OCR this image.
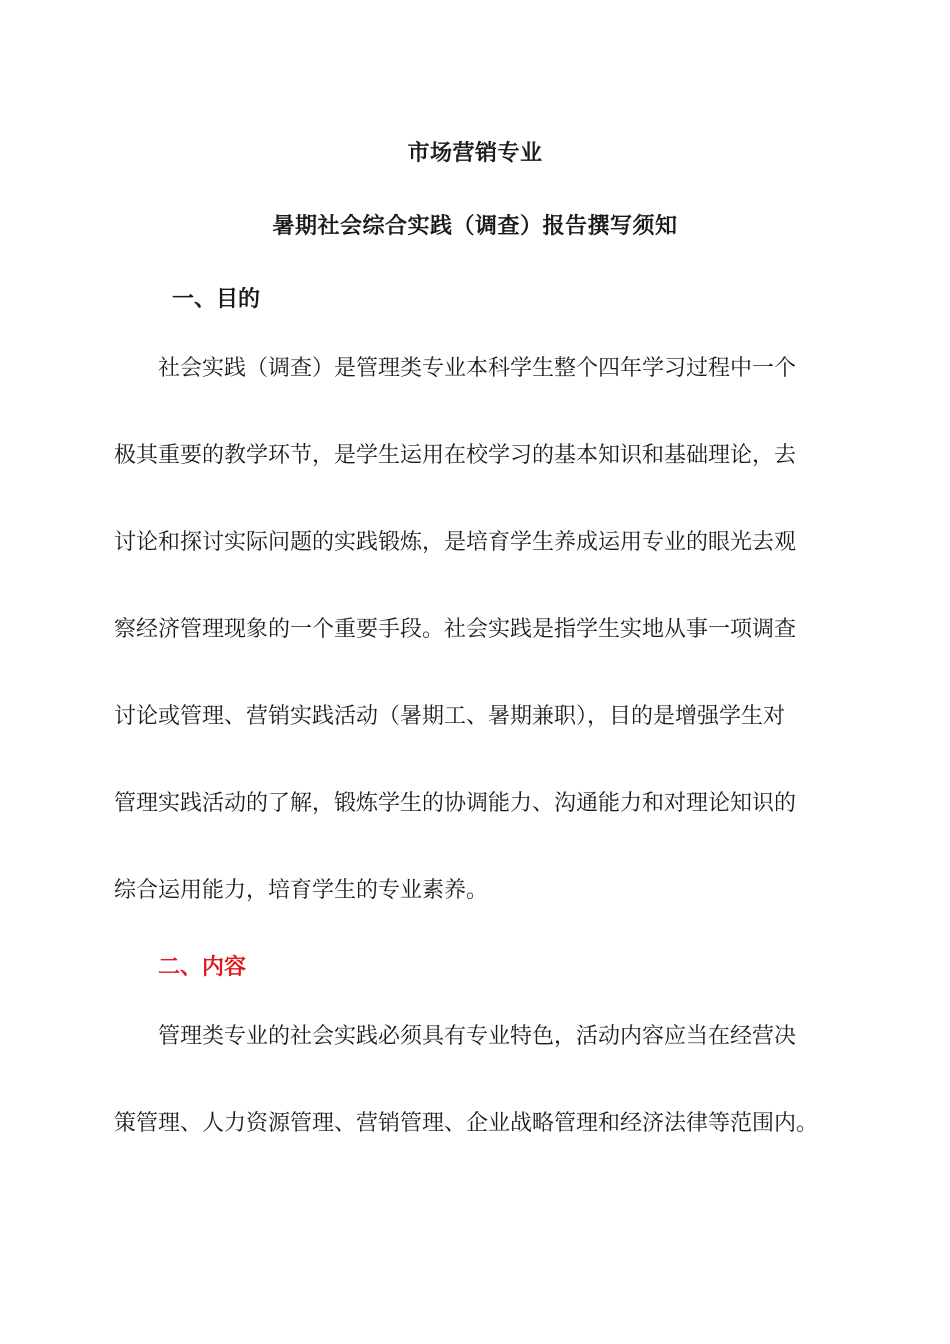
市场营销专业
暑期社会综合实践（调查）报告撰写须知
一、目的
社会实践（调查）是管理类专业本科学生整个四年学习过程中一个
极其重要的教学环节，是学生运用在校学习的基本知识和基础理论，去
讨论和探讨实际问题的实践锻炼，是培育学生养成运用专业的眼光去观
察经济管理现象的一个重要手段。社会实践是指学生实地从事一项调查
讨论或管理、营销实践活动（暑期工、暑期兼职），目的是增强学生对
管理实践活动的了解，锻炼学生的协调能力、沟通能力和对理论知识的
综合运用能力，培育学生的专业素养。
二、内容
管理类专业的社会实践必须具有专业特色，活动内容应当在经营决
策管理、人力资源管理、营销管理、企业战略管理和经济法律等范围内。
